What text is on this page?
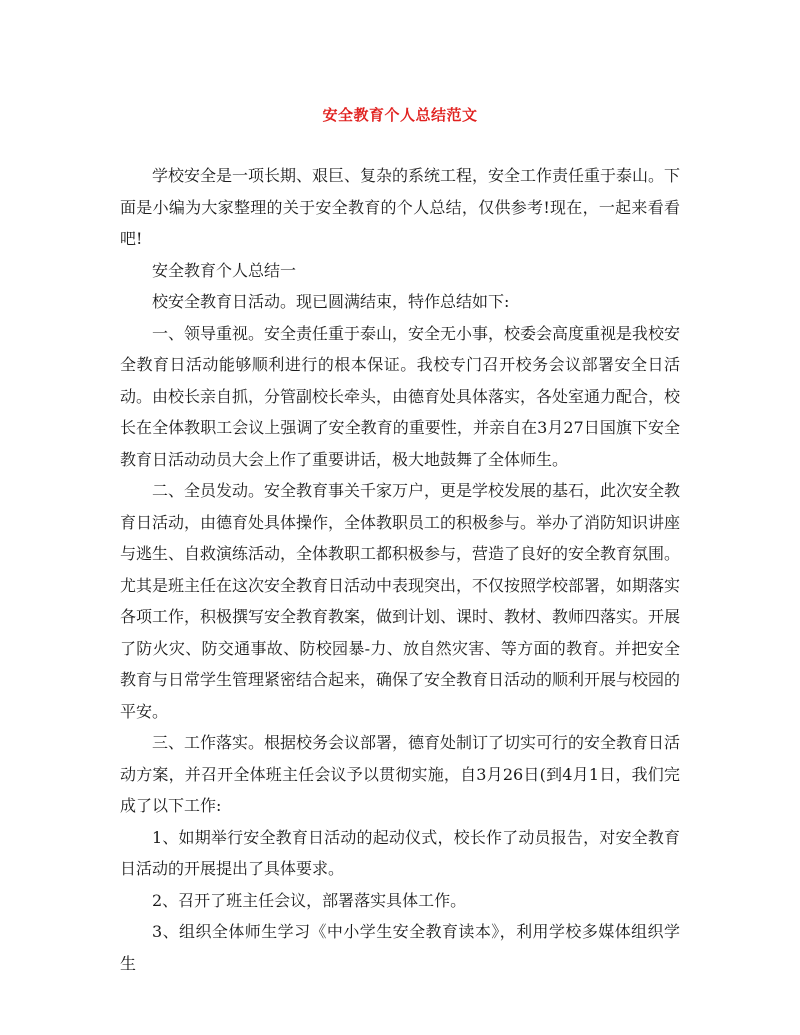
安全教育个人总结范文

学校安全是一项长期、艰巨、复杂的系统工程，安全工作责任重于泰山。下面是小编为大家整理的关于安全教育的个人总结，仅供参考!现在，一起来看看吧!

安全教育个人总结一

校安全教育日活动。现已圆满结束，特作总结如下:

一、领导重视。安全责任重于泰山，安全无小事，校委会高度重视是我校安全教育日活动能够顺利进行的根本保证。我校专门召开校务会议部署安全日活动。由校长亲自抓，分管副校长牵头，由德育处具体落实，各处室通力配合，校长在全体教职工会议上强调了安全教育的重要性，并亲自在3月27日国旗下安全教育日活动动员大会上作了重要讲话，极大地鼓舞了全体师生。

二、全员发动。安全教育事关千家万户，更是学校发展的基石，此次安全教育日活动，由德育处具体操作，全体教职员工的积极参与。举办了消防知识讲座与逃生、自救演练活动，全体教职工都积极参与，营造了良好的安全教育氛围。尤其是班主任在这次安全教育日活动中表现突出，不仅按照学校部署，如期落实各项工作，积极撰写安全教育教案，做到计划、课时、教材、教师四落实。开展了防火灾、防交通事故、防校园暴-力、放自然灾害、等方面的教育。并把安全教育与日常学生管理紧密结合起来，确保了安全教育日活动的顺利开展与校园的平安。

三、工作落实。根据校务会议部署，德育处制订了切实可行的安全教育日活动方案，并召开全体班主任会议予以贯彻实施，自3月26日(到4月1日，我们完成了以下工作:

1、如期举行安全教育日活动的起动仪式，校长作了动员报告，对安全教育日活动的开展提出了具体要求。

2、召开了班主任会议，部署落实具体工作。

3、组织全体师生学习《中小学生安全教育读本》，利用学校多媒体组织学生
